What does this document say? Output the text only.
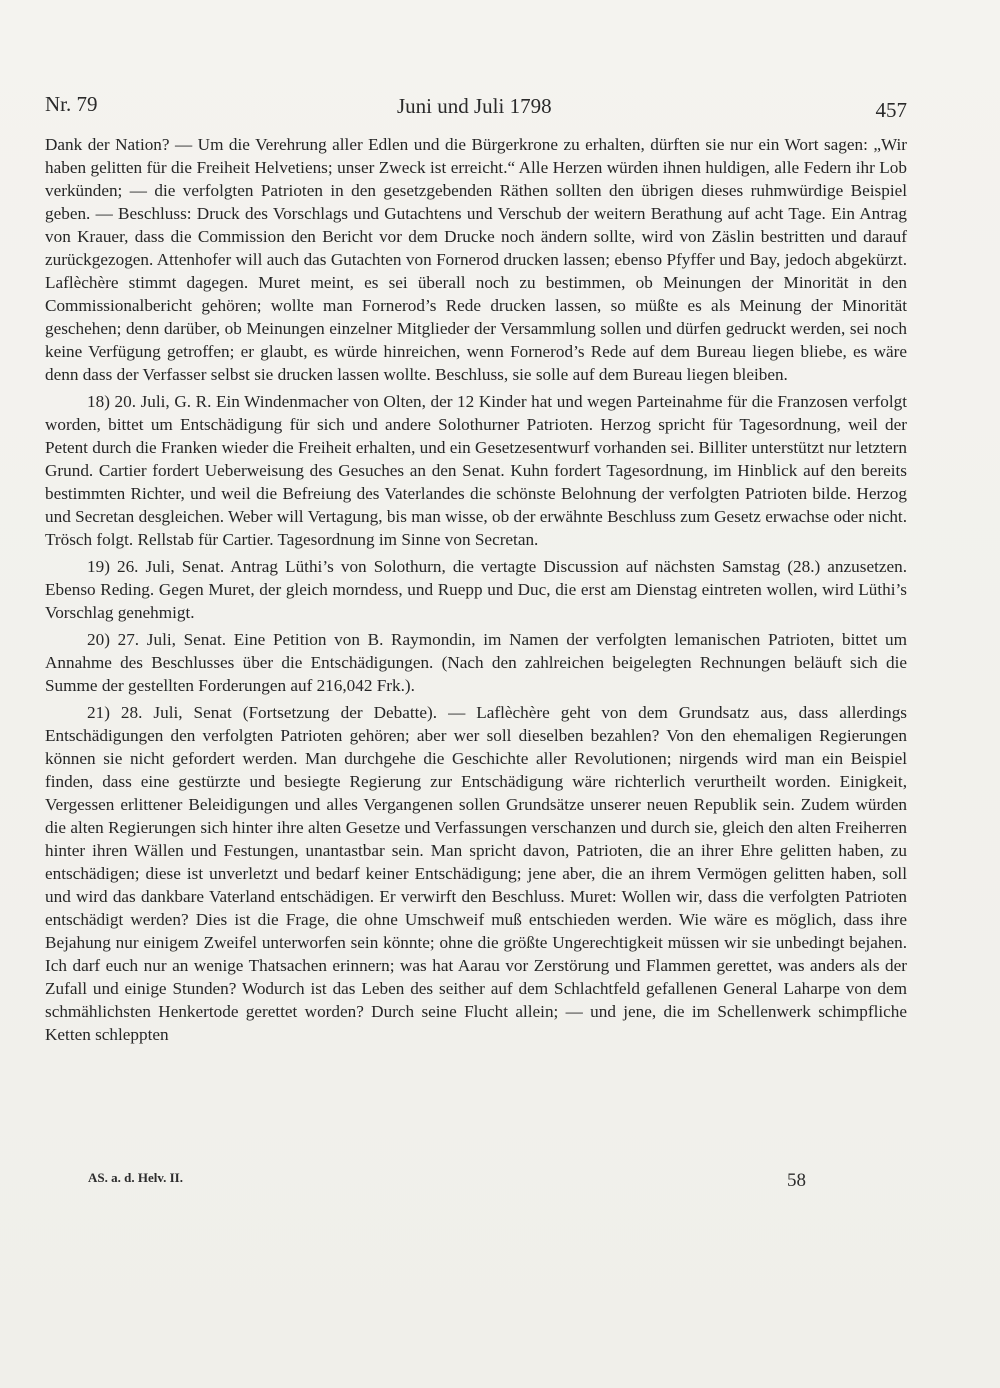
Nr. 79	Juni und Juli 1798	457

Dank der Nation? — Um die Verehrung aller Edlen und die Bürgerkrone zu erhalten, dürften sie nur ein Wort sagen: „Wir haben gelitten für die Freiheit Helvetiens; unser Zweck ist erreicht.“ Alle Herzen würden ihnen huldigen, alle Federn ihr Lob verkünden; — die verfolgten Patrioten in den gesetzgebenden Räthen sollten den übrigen dieses ruhmwürdige Beispiel geben. — Beschluss: Druck des Vorschlags und Gutachtens und Verschub der weitern Berathung auf acht Tage. Ein Antrag von Krauer, dass die Commission den Bericht vor dem Drucke noch ändern sollte, wird von Zäslin bestritten und darauf zurückgezogen. Attenhofer will auch das Gutachten von Fornerod drucken lassen; ebenso Pfyffer und Bay, jedoch abgekürzt. Laflèchère stimmt dagegen. Muret meint, es sei überall noch zu bestimmen, ob Meinungen der Minorität in den Commissionalbericht gehören; wollte man Fornerod’s Rede drucken lassen, so müßte es als Meinung der Minorität geschehen; denn darüber, ob Meinungen einzelner Mitglieder der Versammlung sollen und dürfen gedruckt werden, sei noch keine Verfügung getroffen; er glaubt, es würde hinreichen, wenn Fornerod’s Rede auf dem Bureau liegen bliebe, es wäre denn dass der Verfasser selbst sie drucken lassen wollte. Beschluss, sie solle auf dem Bureau liegen bleiben.

18) 20. Juli, G. R. Ein Windenmacher von Olten, der 12 Kinder hat und wegen Parteinahme für die Franzosen verfolgt worden, bittet um Entschädigung für sich und andere Solothurner Patrioten. Herzog spricht für Tagesordnung, weil der Petent durch die Franken wieder die Freiheit erhalten, und ein Gesetzesentwurf vorhanden sei. Billiter unterstützt nur letztern Grund. Cartier fordert Ueberweisung des Gesuches an den Senat. Kuhn fordert Tagesordnung, im Hinblick auf den bereits bestimmten Richter, und weil die Befreiung des Vaterlandes die schönste Belohnung der verfolgten Patrioten bilde. Herzog und Secretan desgleichen. Weber will Vertagung, bis man wisse, ob der erwähnte Beschluss zum Gesetz erwachse oder nicht. Trösch folgt. Rellstab für Cartier. Tagesordnung im Sinne von Secretan.

19) 26. Juli, Senat. Antrag Lüthi’s von Solothurn, die vertagte Discussion auf nächsten Samstag (28.) anzusetzen. Ebenso Reding. Gegen Muret, der gleich morndess, und Ruepp und Duc, die erst am Dienstag eintreten wollen, wird Lüthi’s Vorschlag genehmigt.

20) 27. Juli, Senat. Eine Petition von B. Raymondin, im Namen der verfolgten lemanischen Patrioten, bittet um Annahme des Beschlusses über die Entschädigungen. (Nach den zahlreichen beigelegten Rechnungen beläuft sich die Summe der gestellten Forderungen auf 216,042 Frk.).

21) 28. Juli, Senat (Fortsetzung der Debatte). — Laflèchère geht von dem Grundsatz aus, dass allerdings Entschädigungen den verfolgten Patrioten gehören; aber wer soll dieselben bezahlen? Von den ehemaligen Regierungen können sie nicht gefordert werden. Man durchgehe die Geschichte aller Revolutionen; nirgends wird man ein Beispiel finden, dass eine gestürzte und besiegte Regierung zur Entschädigung wäre richterlich verurtheilt worden. Einigkeit, Vergessen erlittener Beleidigungen und alles Vergangenen sollen Grundsätze unserer neuen Republik sein. Zudem würden die alten Regierungen sich hinter ihre alten Gesetze und Verfassungen verschanzen und durch sie, gleich den alten Freiherren hinter ihren Wällen und Festungen, unantastbar sein. Man spricht davon, Patrioten, die an ihrer Ehre gelitten haben, zu entschädigen; diese ist unverletzt und bedarf keiner Entschädigung; jene aber, die an ihrem Vermögen gelitten haben, soll und wird das dankbare Vaterland entschädigen. Er verwirft den Beschluss. Muret: Wollen wir, dass die verfolgten Patrioten entschädigt werden? Dies ist die Frage, die ohne Umschweif muß entschieden werden. Wie wäre es möglich, dass ihre Bejahung nur einigem Zweifel unterworfen sein könnte; ohne die größte Ungerechtigkeit müssen wir sie unbedingt bejahen. Ich darf euch nur an wenige Thatsachen erinnern; was hat Aarau vor Zerstörung und Flammen gerettet, was anders als der Zufall und einige Stunden? Wodurch ist das Leben des seither auf dem Schlachtfeld gefallenen General Laharpe von dem schmählichsten Henkertode gerettet worden? Durch seine Flucht allein; — und jene, die im Schellenwerk schimpfliche Ketten schleppten

AS. a. d. Helv. II.	58
